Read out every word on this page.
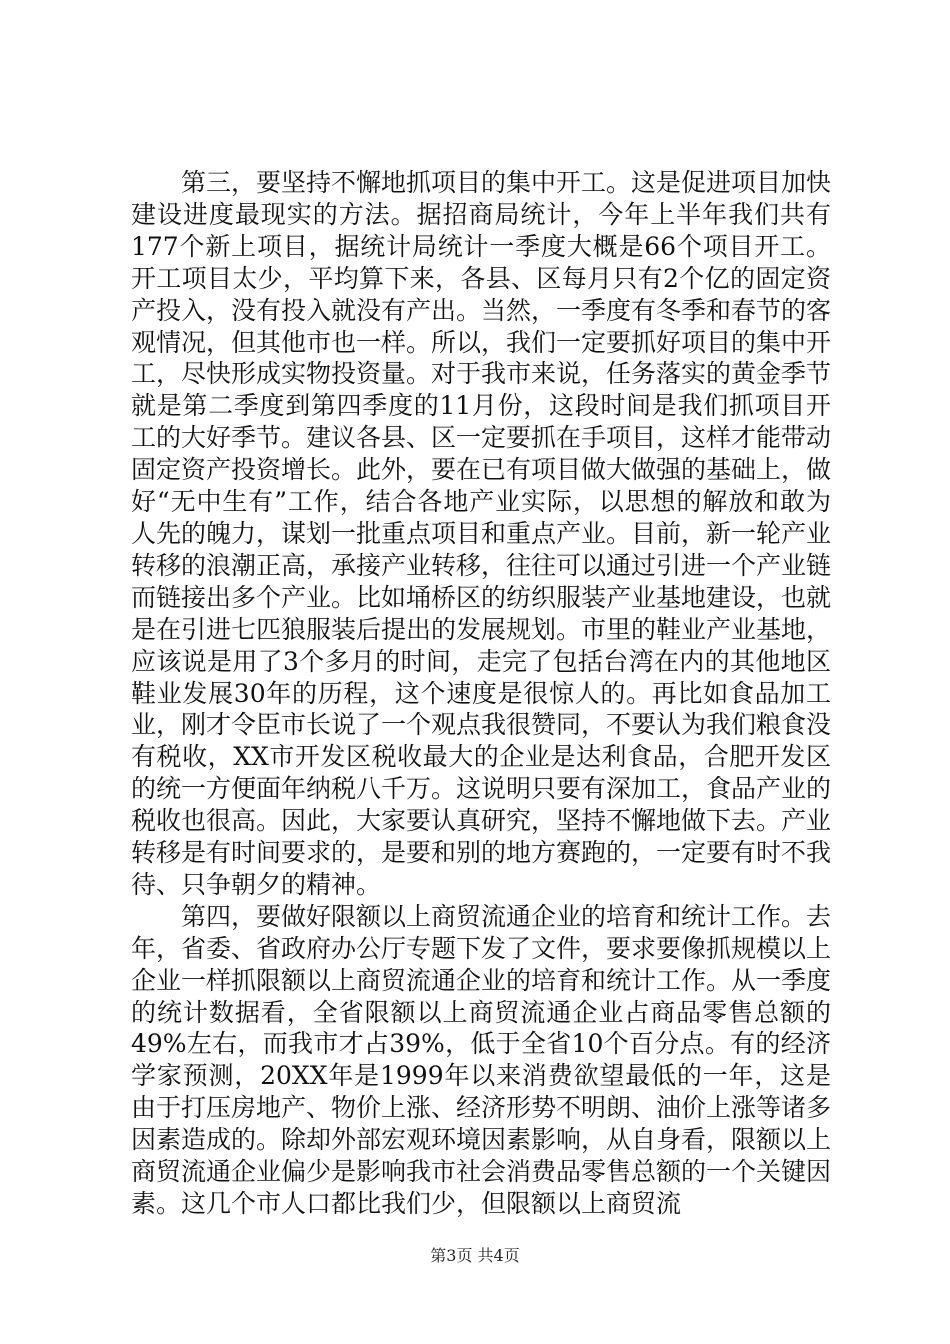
第三，要坚持不懈地抓项目的集中开工。这是促进项目加快建设进度最现实的方法。据招商局统计，今年上半年我们共有177个新上项目，据统计局统计一季度大概是66个项目开工。开工项目太少，平均算下来，各县、区每月只有2个亿的固定资产投入，没有投入就没有产出。当然，一季度有冬季和春节的客观情况，但其他市也一样。所以，我们一定要抓好项目的集中开工，尽快形成实物投资量。对于我市来说，任务落实的黄金季节就是第二季度到第四季度的11月份，这段时间是我们抓项目开工的大好季节。建议各县、区一定要抓在手项目，这样才能带动固定资产投资增长。此外，要在已有项目做大做强的基础上，做好“无中生有”工作，结合各地产业实际，以思想的解放和敢为人先的魄力，谋划一批重点项目和重点产业。目前，新一轮产业转移的浪潮正高，承接产业转移，往往可以通过引进一个产业链而链接出多个产业。比如埇桥区的纺织服装产业基地建设，也就是在引进七匹狼服装后提出的发展规划。市里的鞋业产业基地，应该说是用了3个多月的时间，走完了包括台湾在内的其他地区鞋业发展30年的历程，这个速度是很惊人的。再比如食品加工业，刚才令臣市长说了一个观点我很赞同，不要认为我们粮食没有税收，XX市开发区税收最大的企业是达利食品，合肥开发区的统一方便面年纳税八千万。这说明只要有深加工，食品产业的税收也很高。因此，大家要认真研究，坚持不懈地做下去。产业转移是有时间要求的，是要和别的地方赛跑的，一定要有时不我待、只争朝夕的精神。

第四，要做好限额以上商贸流通企业的培育和统计工作。去年，省委、省政府办公厅专题下发了文件，要求要像抓规模以上企业一样抓限额以上商贸流通企业的培育和统计工作。从一季度的统计数据看，全省限额以上商贸流通企业占商品零售总额的49%左右，而我市才占39%，低于全省10个百分点。有的经济学家预测，20XX年是1999年以来消费欲望最低的一年，这是由于打压房地产、物价上涨、经济形势不明朗、油价上涨等诸多因素造成的。除却外部宏观环境因素影响，从自身看，限额以上商贸流通企业偏少是影响我市社会消费品零售总额的一个关键因素。这几个市人口都比我们少，但限额以上商贸流

第3页 共4页
